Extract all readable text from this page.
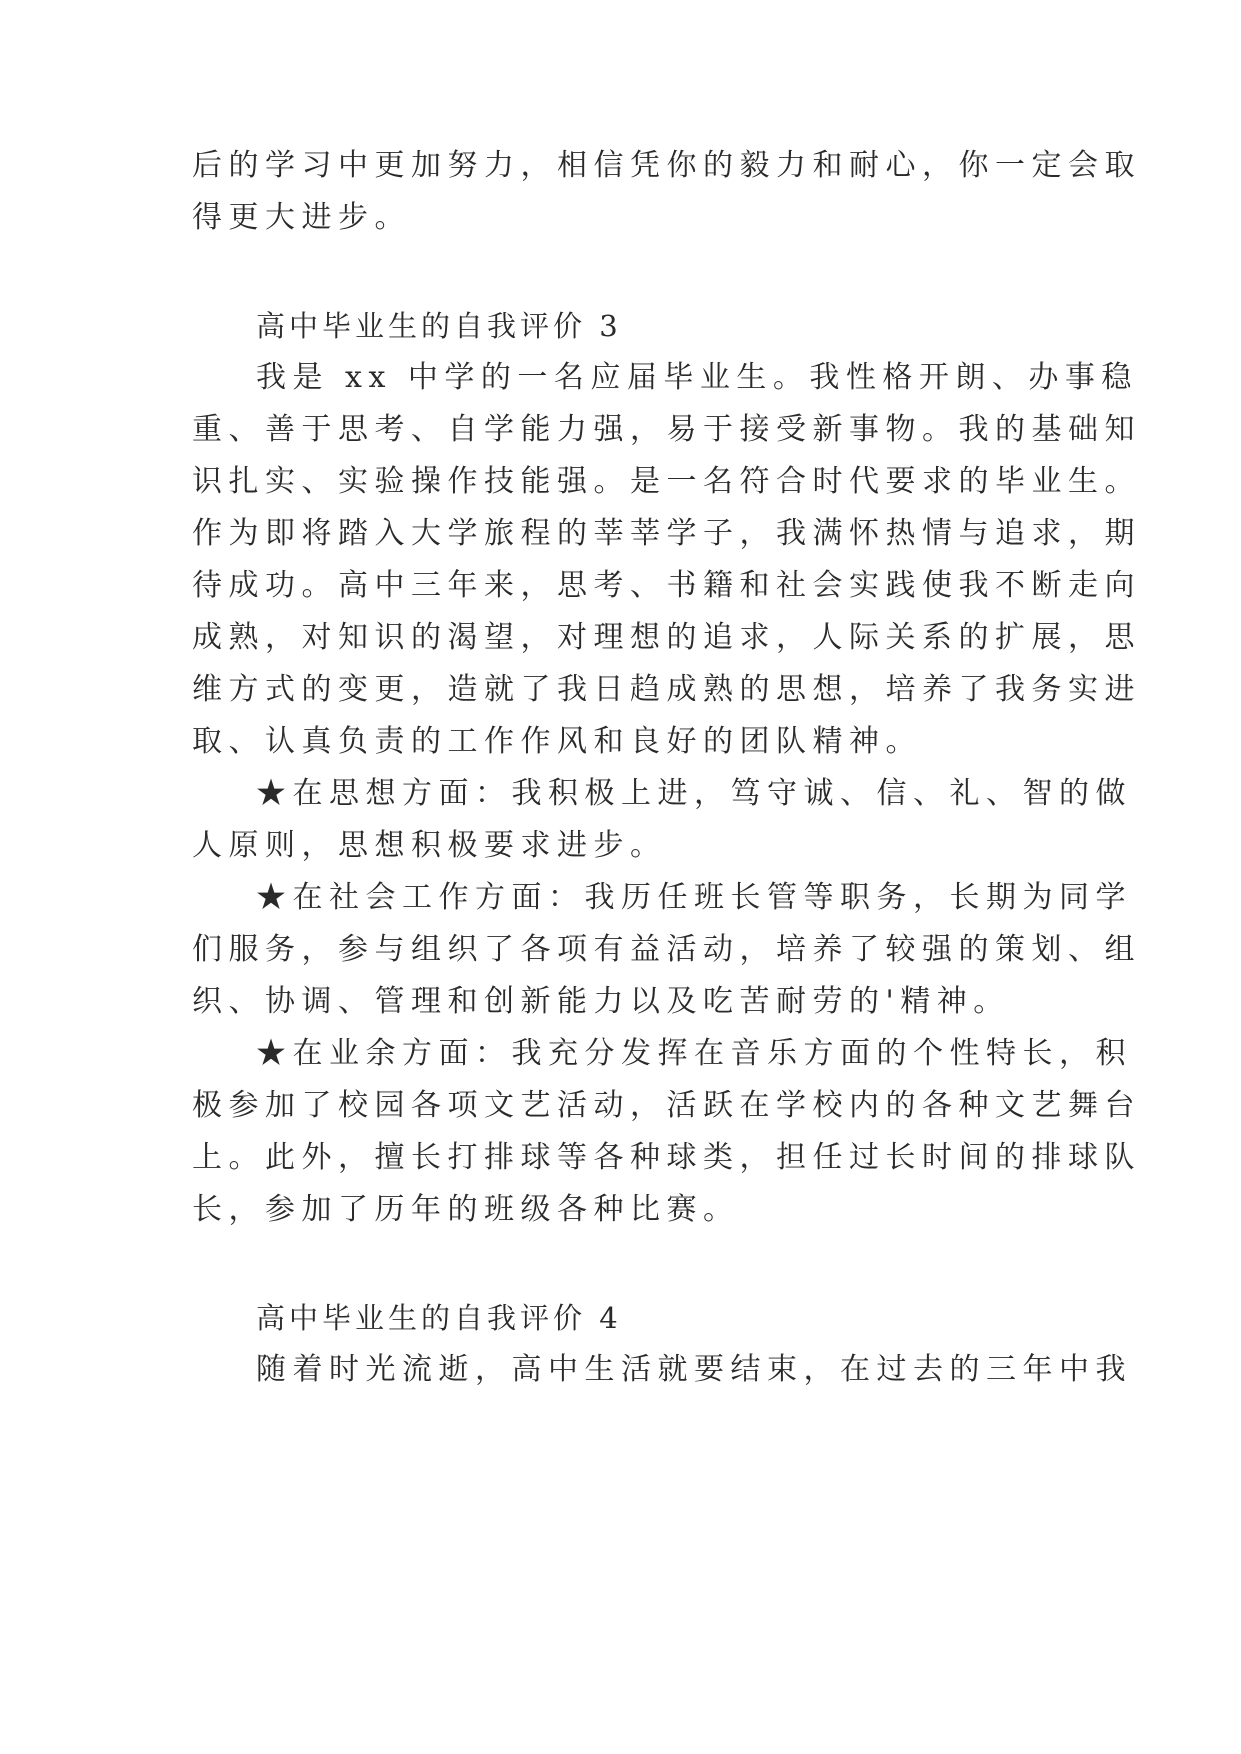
后的学习中更加努力，相信凭你的毅力和耐心，你一定会取
得更大进步。
高中毕业生的自我评价 3
我是 xx 中学的一名应届毕业生。我性格开朗、办事稳
重、善于思考、自学能力强，易于接受新事物。我的基础知
识扎实、实验操作技能强。是一名符合时代要求的毕业生。
作为即将踏入大学旅程的莘莘学子，我满怀热情与追求，期
待成功。高中三年来，思考、书籍和社会实践使我不断走向
成熟，对知识的渴望，对理想的追求，人际关系的扩展，思
维方式的变更，造就了我日趋成熟的思想，培养了我务实进
取、认真负责的工作作风和良好的团队精神。
★在思想方面：我积极上进，笃守诚、信、礼、智的做
人原则，思想积极要求进步。
★在社会工作方面：我历任班长管等职务，长期为同学
们服务，参与组织了各项有益活动，培养了较强的策划、组
织、协调、管理和创新能力以及吃苦耐劳的'精神。
★在业余方面：我充分发挥在音乐方面的个性特长，积
极参加了校园各项文艺活动，活跃在学校内的各种文艺舞台
上。此外，擅长打排球等各种球类，担任过长时间的排球队
长，参加了历年的班级各种比赛。
高中毕业生的自我评价 4
随着时光流逝，高中生活就要结束，在过去的三年中我
